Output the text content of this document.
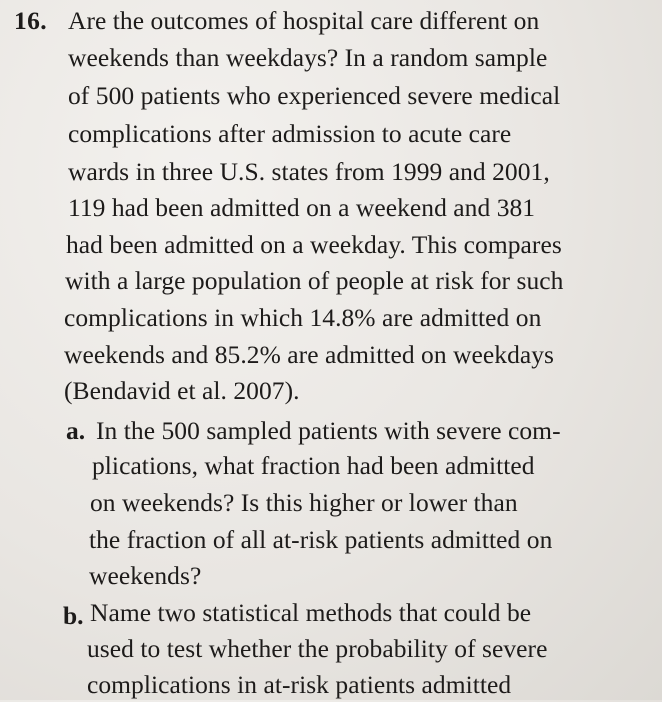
16. Are the outcomes of hospital care different on
weekends than weekdays? In a random sample
of 500 patients who experienced severe medical
complications after admission to acute care
wards in three U.S. states from 1999 and 2001,
119 had been admitted on a weekend and 381
had been admitted on a weekday. This compares
with a large population of people at risk for such
complications in which 14.8% are admitted on
weekends and 85.2% are admitted on weekdays
(Bendavid et al. 2007).
a. In the 500 sampled patients with severe com-
plications, what fraction had been admitted
on weekends? Is this higher or lower than
the fraction of all at-risk patients admitted on
weekends?
b. Name two statistical methods that could be
used to test whether the probability of severe
complications in at-risk patients admitted
